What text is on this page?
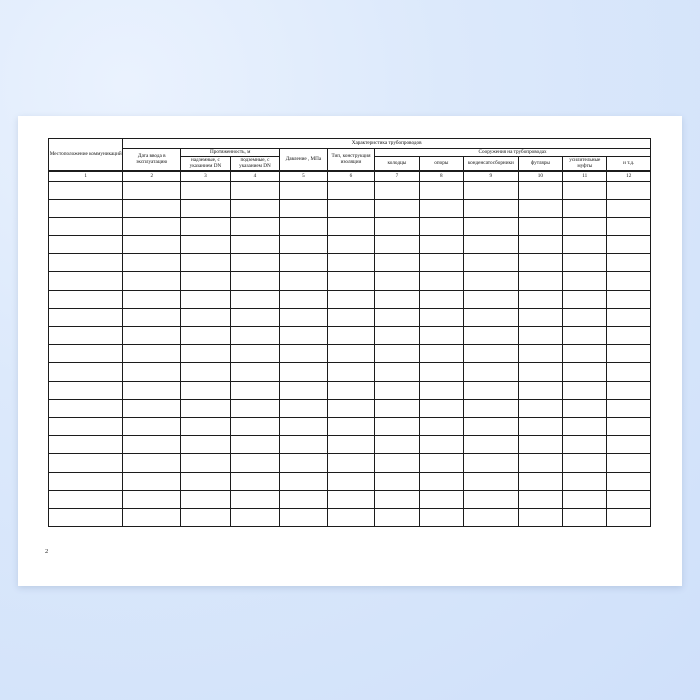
Местоположение коммуникаций	Характеристика трубопроводов										
	Дата ввода в эксплуатацию	Протяженность, м		Давление , МПа	Тип, конструкция изоляции	Сооружения на трубопроводах					
		надземные, с указанием DN	подземные, с указанием DN			колодцы	опоры	конденсатосборники	футляры	усилительные муфты	и т.д.

1	2	3	4	5	6	7	8	9	10	11	12

2
